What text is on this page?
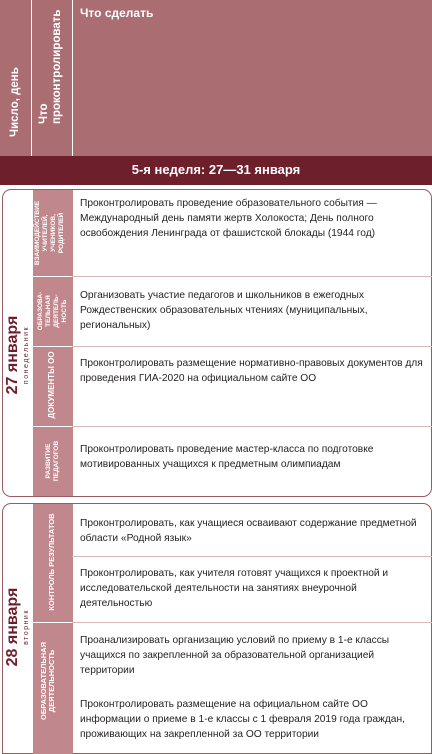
Число, день Что
проконтролировать Что сделать
5-я неделя: 27—31 января
27 января понедельник
ВЗАИМОДЕЙСТВИЕ
УЧИТЕЛЕЙ,
УЧЕНИКОВ,
РОДИТЕЛЕЙ
ОБРАЗОВА-
ТЕЛЬНАЯ
ДЕЯТЕЛЬ-
НОСТЬ
ДОКУМЕНТЫ ОО
РАЗВИТИЕ
ПЕДАГОГОВ
Проконтролировать проведение образовательного события — Международный день памяти жертв Холокоста; День полного освобождения Ленинграда от фашистской блокады (1944 год)
Организовать участие педагогов и школьников в ежегодных Рождественских образовательных чтениях (муниципальных, региональных)
Проконтролировать размещение нормативно-правовых документов для проведения ГИА-2020 на официальном сайте ОО
Проконтролировать проведение мастер-класса по подготовке мотивированных учащихся к предметным олимпиадам
28 января вторник
КОНТРОЛЬ РЕЗУЛЬТАТОВ
ОБРАЗОВАТЕЛЬНАЯ
ДЕЯТЕЛЬНОСТЬ
Проконтролировать, как учащиеся осваивают содержание предметной области «Родной язык»
Проконтролировать, как учителя готовят учащихся к проектной и исследовательской деятельности на занятиях внеурочной деятельностью
Проанализировать организацию условий по приему в 1-е классы учащихся по закрепленной за образовательной организацией территории
Проконтролировать размещение на официальном сайте ОО информации о приеме в 1-е классы с 1 февраля 2019 года граждан, проживающих на закрепленной за ОО территории
